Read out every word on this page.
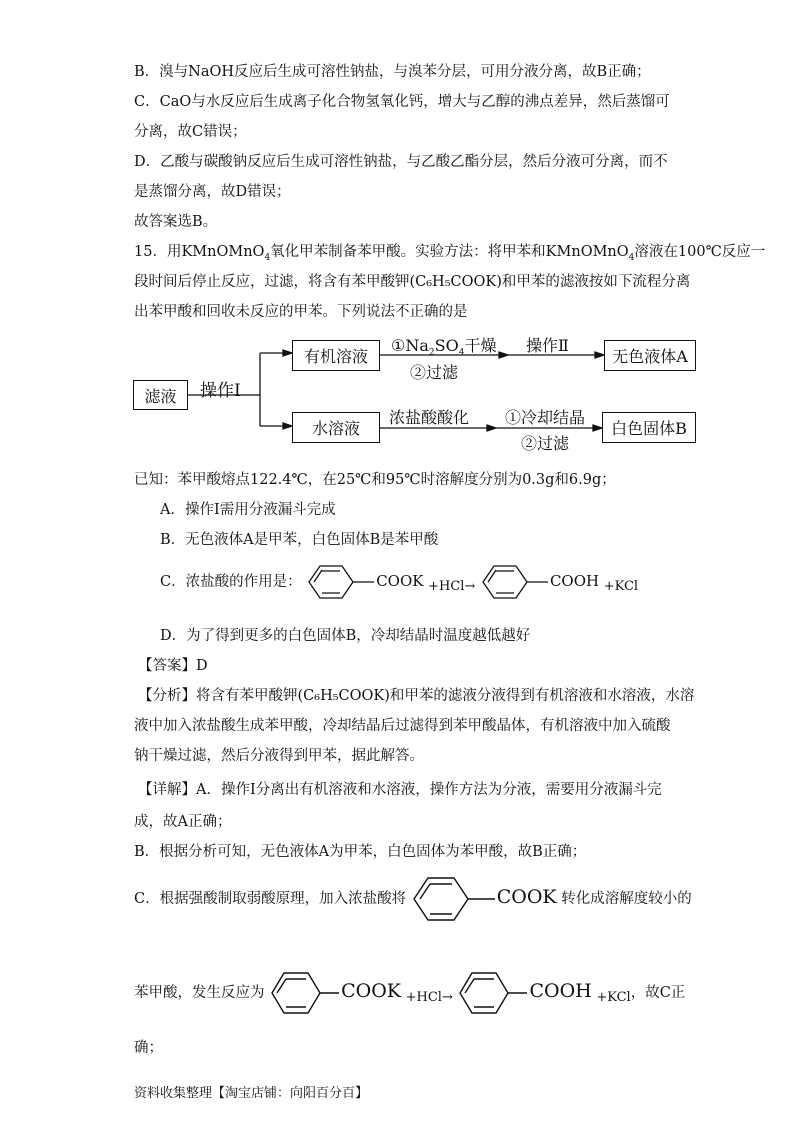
B．溴与NaOH反应后生成可溶性钠盐，与溴苯分层，可用分液分离，故B正确；
C．CaO与水反应后生成离子化合物氢氧化钙，增大与乙醇的沸点差异，然后蒸馏可
分离，故C错误；
D．乙酸与碳酸钠反应后生成可溶性钠盐，与乙酸乙酯分层，然后分液可分离，而不
是蒸馏分离，故D错误；
故答案选B。
15．用KMnOMnO$_4$氧化甲苯制备苯甲酸。实验方法：将甲苯和KMnOMnO$_4$溶液在100℃反应一
段时间后停止反应，过滤，将含有苯甲酸钾(C₆H₅COOK)和甲苯的滤液按如下流程分离
出苯甲酸和回收未反应的甲苯。下列说法不正确的是
滤液 操作Ⅰ
有机溶液
水溶液
$①Na_2SO_4$干燥
②过滤
操作Ⅱ
无色液体A
浓盐酸酸化 ①冷却结晶
②过滤
白色固体B
已知：苯甲酸熔点122.4℃，在25℃和95℃时溶解度分别为0.3g和6.9g；
A．操作Ⅰ需用分液漏斗完成
B．无色液体A是甲苯，白色固体B是苯甲酸
C．浓盐酸的作用是：	COOK +HCl→	COOH +KCl
D．为了得到更多的白色固体B，冷却结晶时温度越低越好
【答案】D
【分析】将含有苯甲酸钾(C₆H₅COOK)和甲苯的滤液分液得到有机溶液和水溶液，水溶
液中加入浓盐酸生成苯甲酸，冷却结晶后过滤得到苯甲酸晶体，有机溶液中加入硫酸
钠干燥过滤，然后分液得到甲苯，据此解答。
【详解】A．操作Ⅰ分离出有机溶液和水溶液，操作方法为分液，需要用分液漏斗完
成，故A正确；
B．根据分析可知，无色液体A为甲苯，白色固体为苯甲酸，故B正确；
C．根据强酸制取弱酸原理，加入浓盐酸将	COOK 转化成溶解度较小的
苯甲酸，发生反应为	COOK +HCl→	COOH +KCl，故C正
确；
资料收集整理【淘宝店铺：向阳百分百】
